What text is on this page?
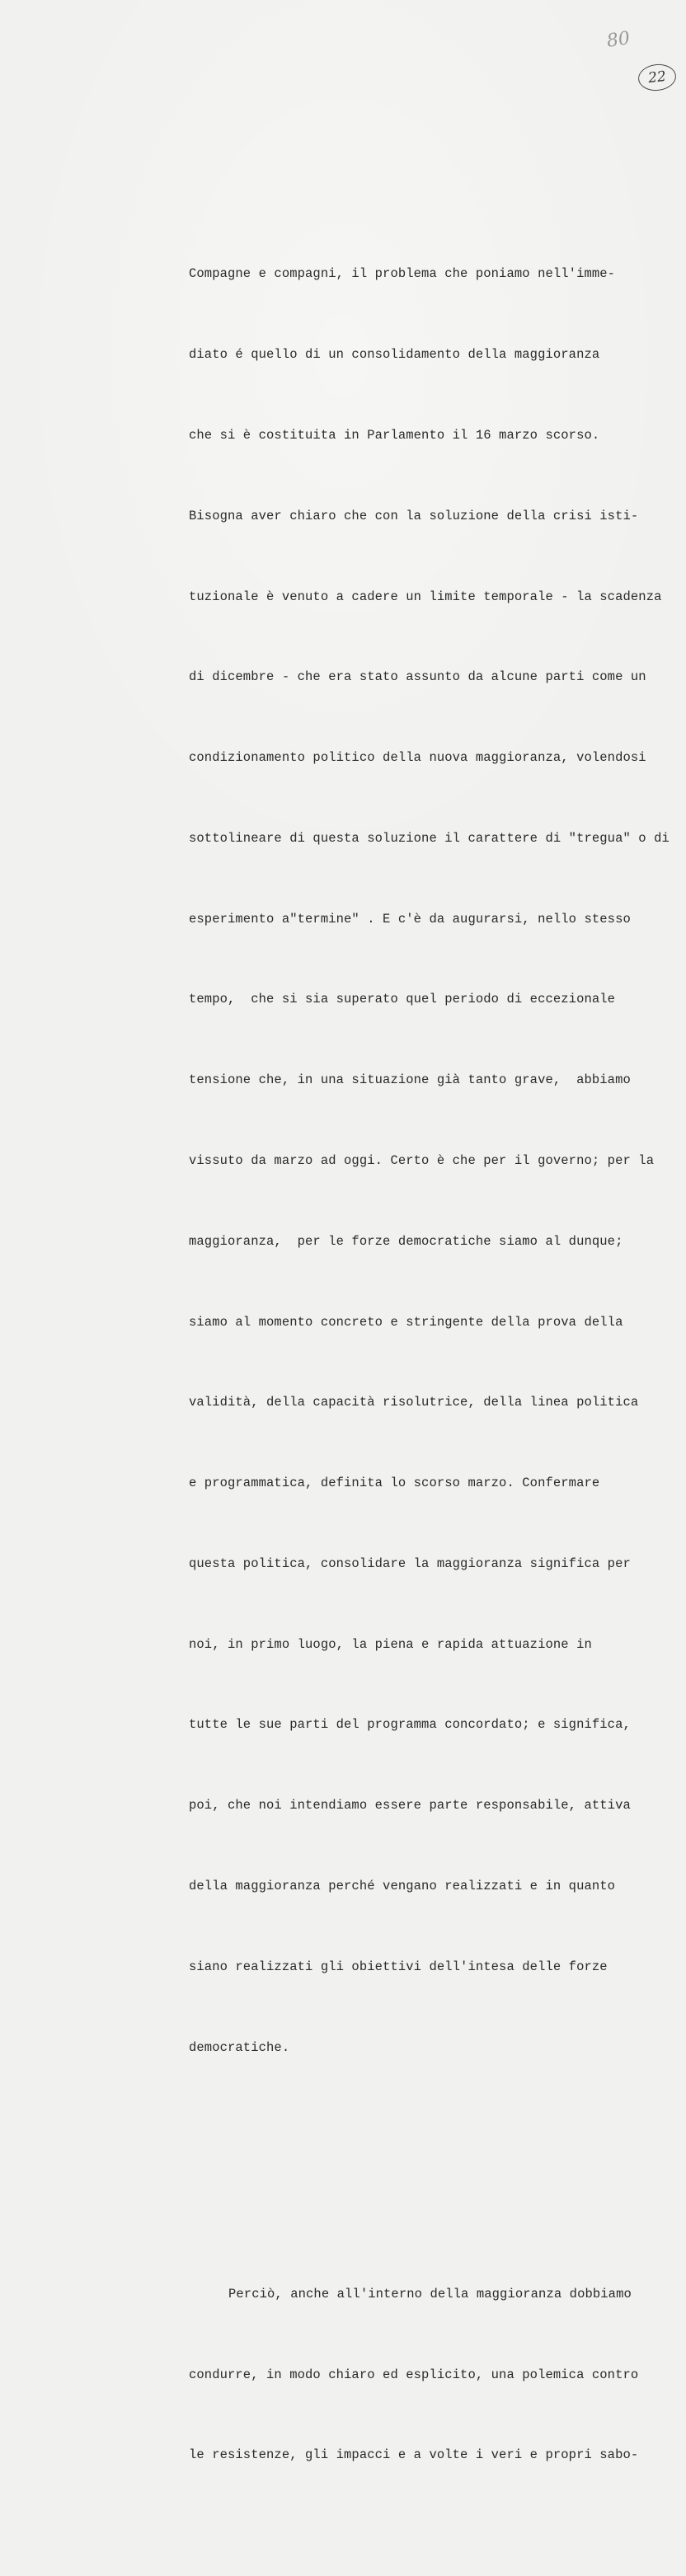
80
22

Compagne e compagni, il problema che poniamo nell'imme-

diato é quello di un consolidamento della maggioranza

che si è costituita in Parlamento il 16 marzo scorso.

Bisogna aver chiaro che con la soluzione della crisi isti-

tuzionale è venuto a cadere un limite temporale - la scadenza

di dicembre - che era stato assunto da alcune parti come un

condizionamento politico della nuova maggioranza, volendosi

sottolineare di questa soluzione il carattere di "tregua" o di

esperimento a"termine" . E c'è da augurarsi, nello stesso

tempo,  che si sia superato quel periodo di eccezionale

tensione che, in una situazione già tanto grave,  abbiamo

vissuto da marzo ad oggi. Certo è che per il governo; per la

maggioranza,  per le forze democratiche siamo al dunque;

siamo al momento concreto e stringente della prova della

validità, della capacità risolutrice, della linea politica

e programmatica, definita lo scorso marzo. Confermare

questa politica, consolidare la maggioranza significa per

noi, in primo luogo, la piena e rapida attuazione in

tutte le sue parti del programma concordato; e significa,

poi, che noi intendiamo essere parte responsabile, attiva

della maggioranza perché vengano realizzati e in quanto

siano realizzati gli obiettivi dell'intesa delle forze

democratiche.

Perciò, anche all'interno della maggioranza dobbiamo

condurre, in modo chiaro ed esplicito, una polemica contro

le resistenze, gli impacci e a volte i veri e propri sabo-
